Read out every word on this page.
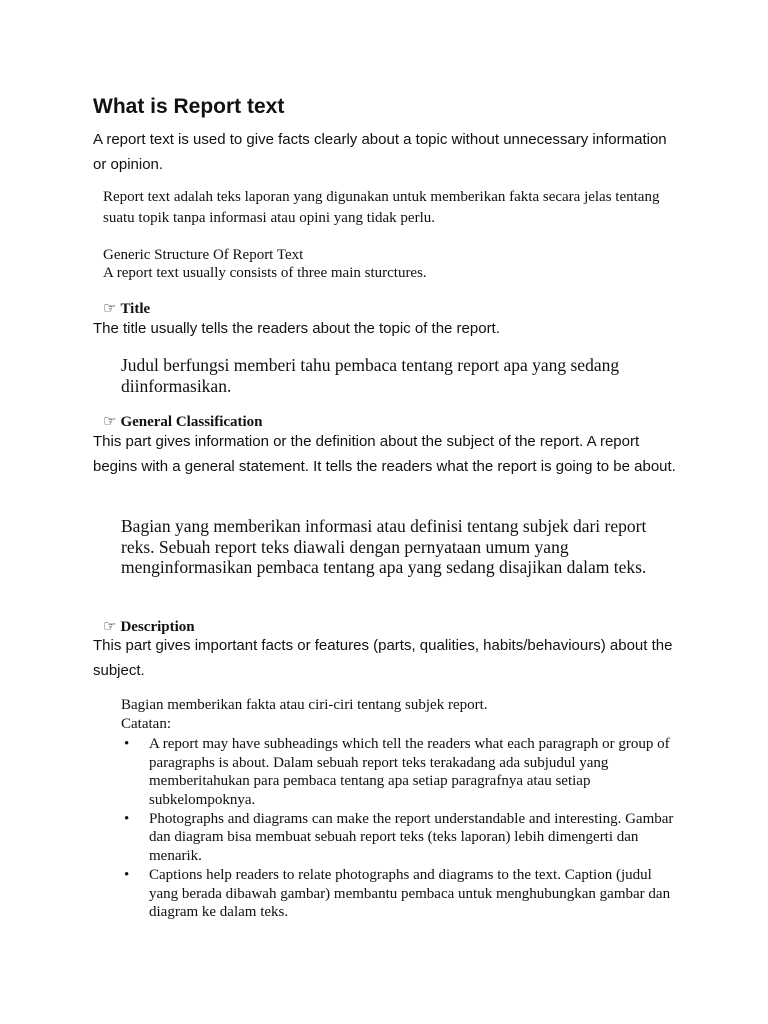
What is Report text

A report text is used to give facts clearly about a topic without unnecessary information or opinion.

Report text adalah teks laporan yang digunakan untuk memberikan fakta secara jelas tentang suatu topik tanpa informasi atau opini yang tidak perlu.

Generic Structure Of Report Text

A report text usually consists of three main sturctures.

☞ Title

The title usually tells the readers about the topic of the report.

Judul berfungsi memberi tahu pembaca tentang report apa yang sedang diinformasikan.

☞ General Classification

This part gives information or the definition about the subject of the report. A report begins with a general statement. It tells the readers what the report is going to be about.

Bagian yang memberikan informasi atau definisi tentang subjek dari report reks. Sebuah report teks diawali dengan pernyataan umum yang menginformasikan pembaca tentang apa yang sedang disajikan dalam teks.

☞ Description

This part gives important facts or features (parts, qualities, habits/behaviours) about the subject.

Bagian memberikan fakta atau ciri-ciri tentang subjek report.

Catatan:

• A report may have subheadings which tell the readers what each paragraph or group of paragraphs is about. Dalam sebuah report teks terakadang ada subjudul yang memberitahukan para pembaca tentang apa setiap paragrafnya atau setiap subkelompoknya.
• Photographs and diagrams can make the report understandable and interesting. Gambar dan diagram bisa membuat sebuah report teks (teks laporan) lebih dimengerti dan menarik.
• Captions help readers to relate photographs and diagrams to the text. Caption (judul yang berada dibawah gambar) membantu pembaca untuk menghubungkan gambar dan diagram ke dalam teks.
